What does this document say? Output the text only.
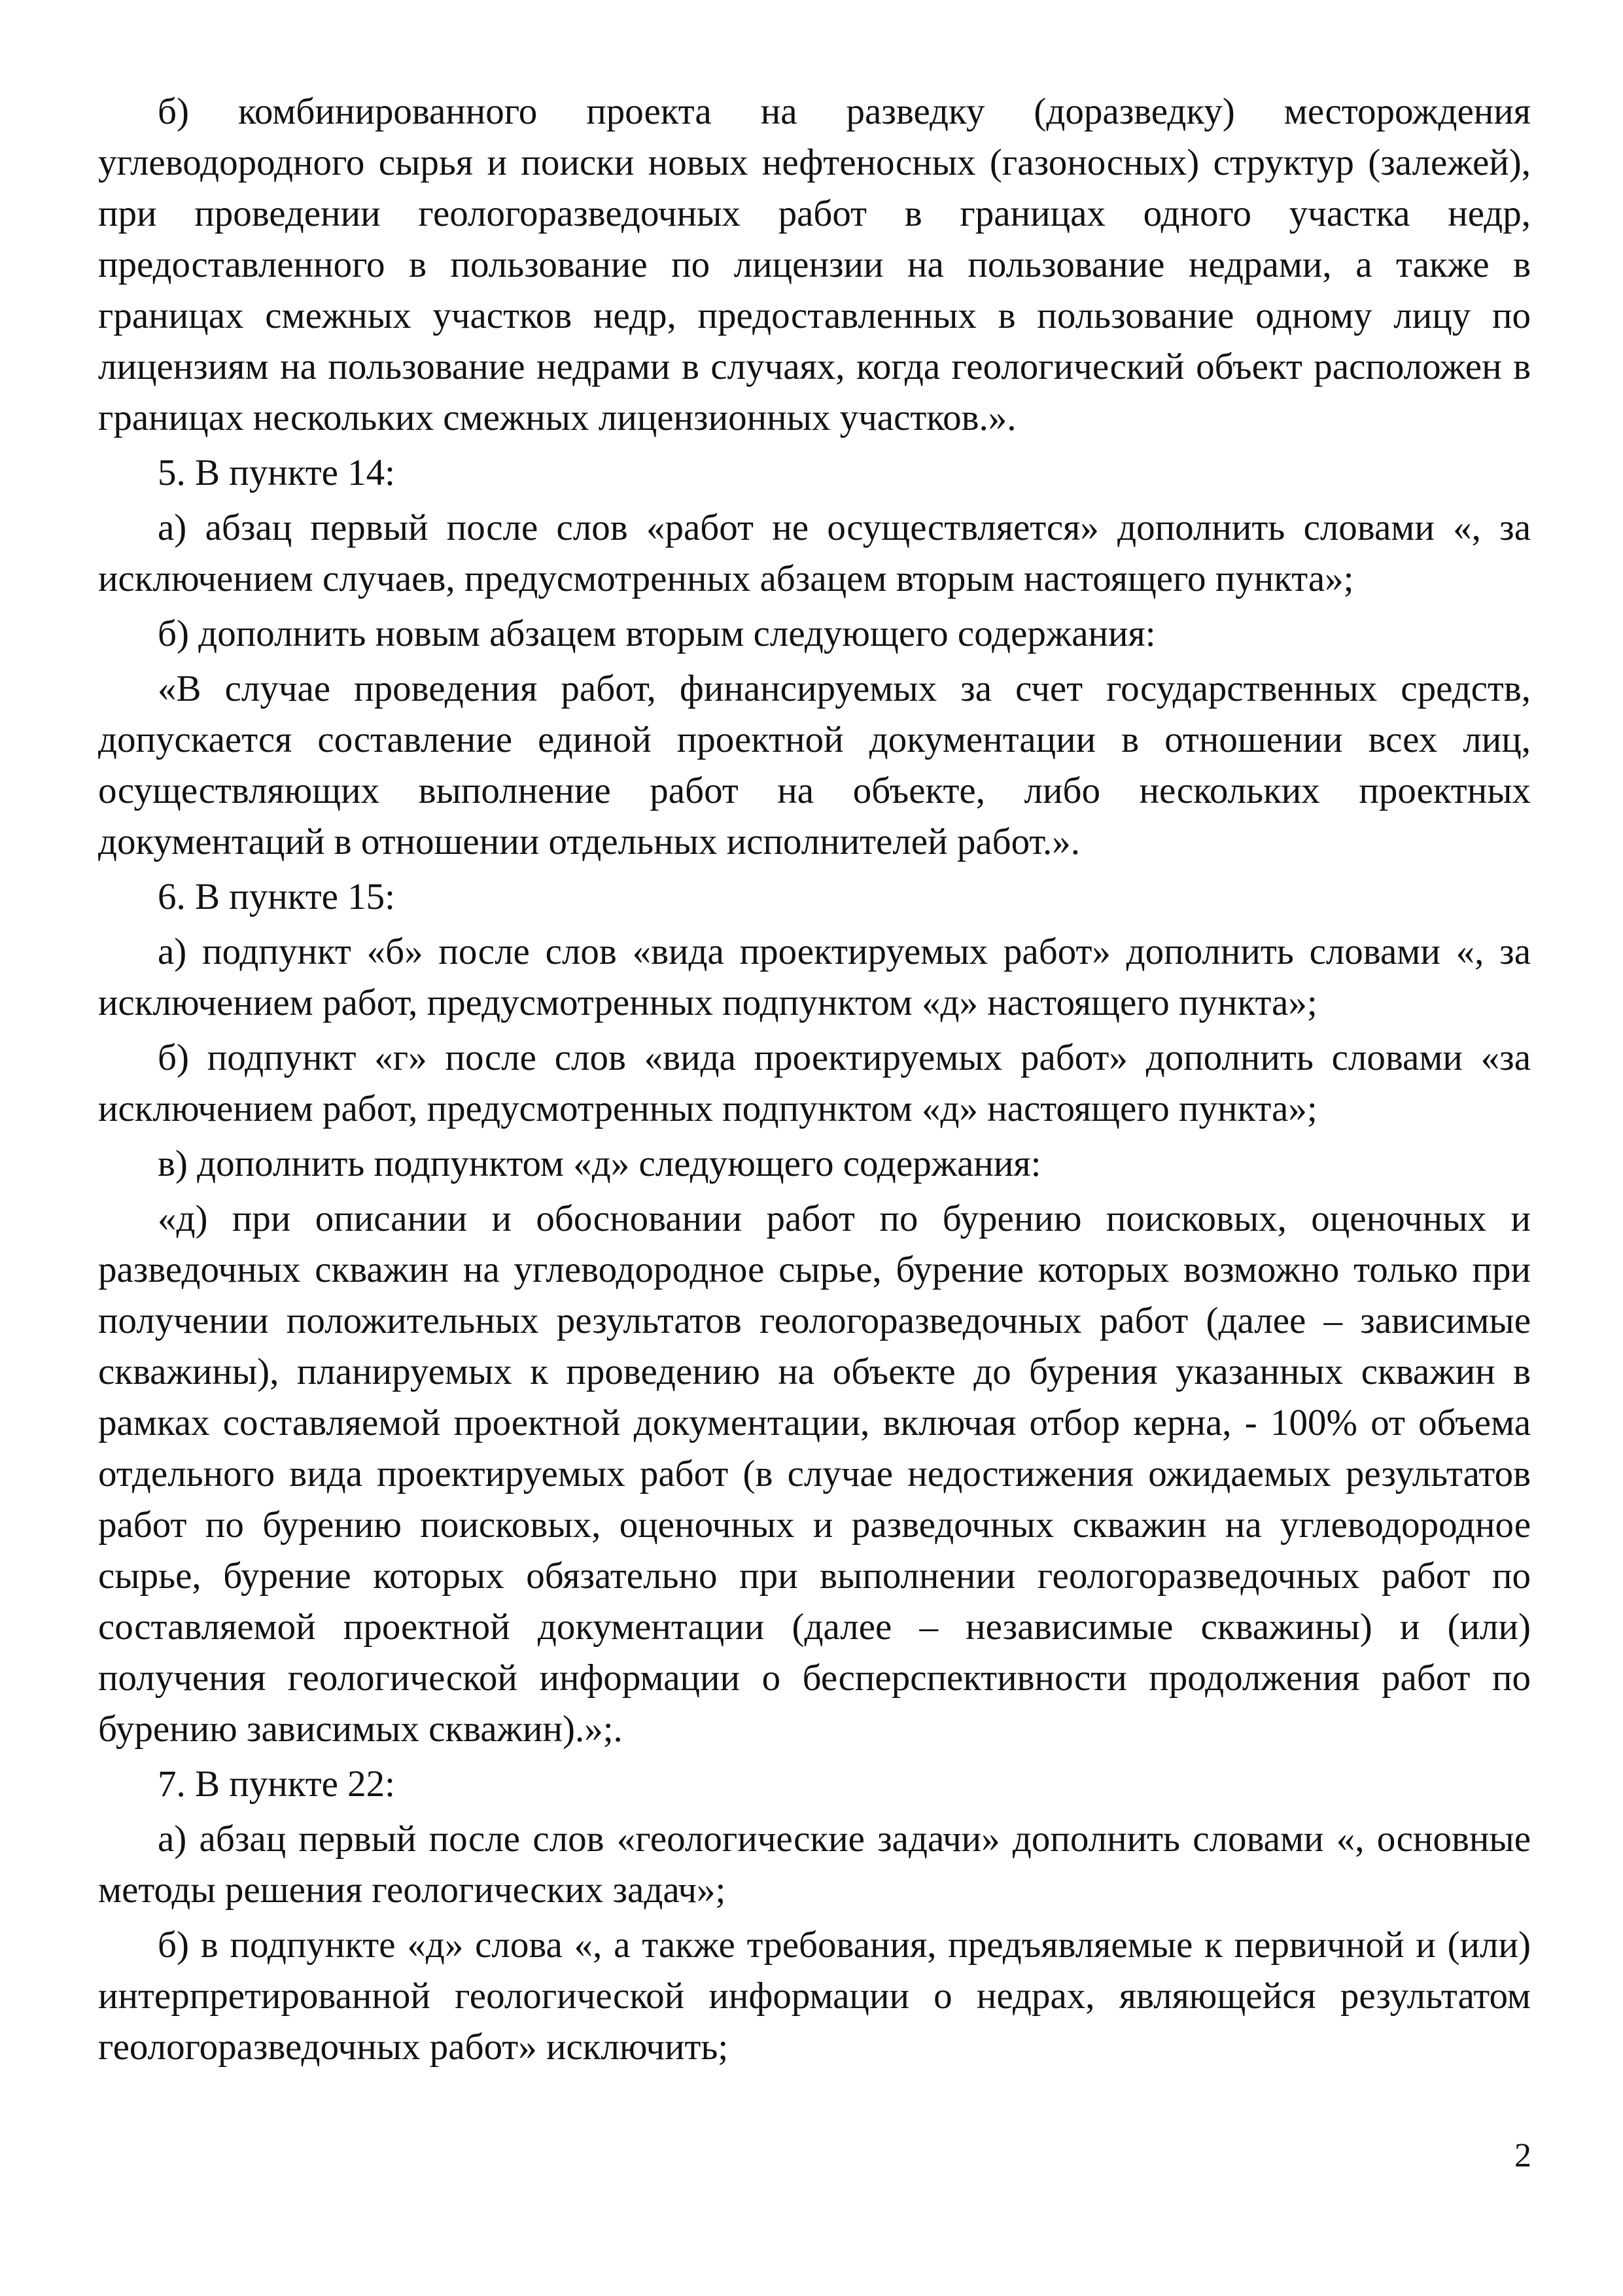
б) комбинированного проекта на разведку (доразведку) месторождения углеводородного сырья и поиски новых нефтеносных (газоносных) структур (залежей), при проведении геологоразведочных работ в границах одного участка недр, предоставленного в пользование по лицензии на пользование недрами, а также в границах смежных участков недр, предоставленных в пользование одному лицу по лицензиям на пользование недрами в случаях, когда геологический объект расположен в границах нескольких смежных лицензионных участков.».

5. В пункте 14:

а) абзац первый после слов «работ не осуществляется» дополнить словами «, за исключением случаев, предусмотренных абзацем вторым настоящего пункта»;

б) дополнить новым абзацем вторым следующего содержания:

«В случае проведения работ, финансируемых за счет государственных средств, допускается составление единой проектной документации в отношении всех лиц, осуществляющих выполнение работ на объекте, либо нескольких проектных документаций в отношении отдельных исполнителей работ.».

6. В пункте 15:

а) подпункт «б» после слов «вида проектируемых работ» дополнить словами «, за исключением работ, предусмотренных подпунктом «д» настоящего пункта»;

б) подпункт «г» после слов «вида проектируемых работ» дополнить словами «за исключением работ, предусмотренных подпунктом «д» настоящего пункта»;

в) дополнить подпунктом «д» следующего содержания:

«д) при описании и обосновании работ по бурению поисковых, оценочных и разведочных скважин на углеводородное сырье, бурение которых возможно только при получении положительных результатов геологоразведочных работ (далее – зависимые скважины), планируемых к проведению на объекте до бурения указанных скважин в рамках составляемой проектной документации, включая отбор керна, - 100% от объема отдельного вида проектируемых работ (в случае недостижения ожидаемых результатов работ по бурению поисковых, оценочных и разведочных скважин на углеводородное сырье, бурение которых обязательно при выполнении геологоразведочных работ по составляемой проектной документации (далее – независимые скважины) и (или) получения геологической информации о бесперспективности продолжения работ по бурению зависимых скважин).»;.

7. В пункте 22:

а) абзац первый после слов «геологические задачи» дополнить словами «, основные методы решения геологических задач»;

б) в подпункте «д» слова «, а также требования, предъявляемые к первичной и (или) интерпретированной геологической информации о недрах, являющейся результатом геологоразведочных работ» исключить;

2
